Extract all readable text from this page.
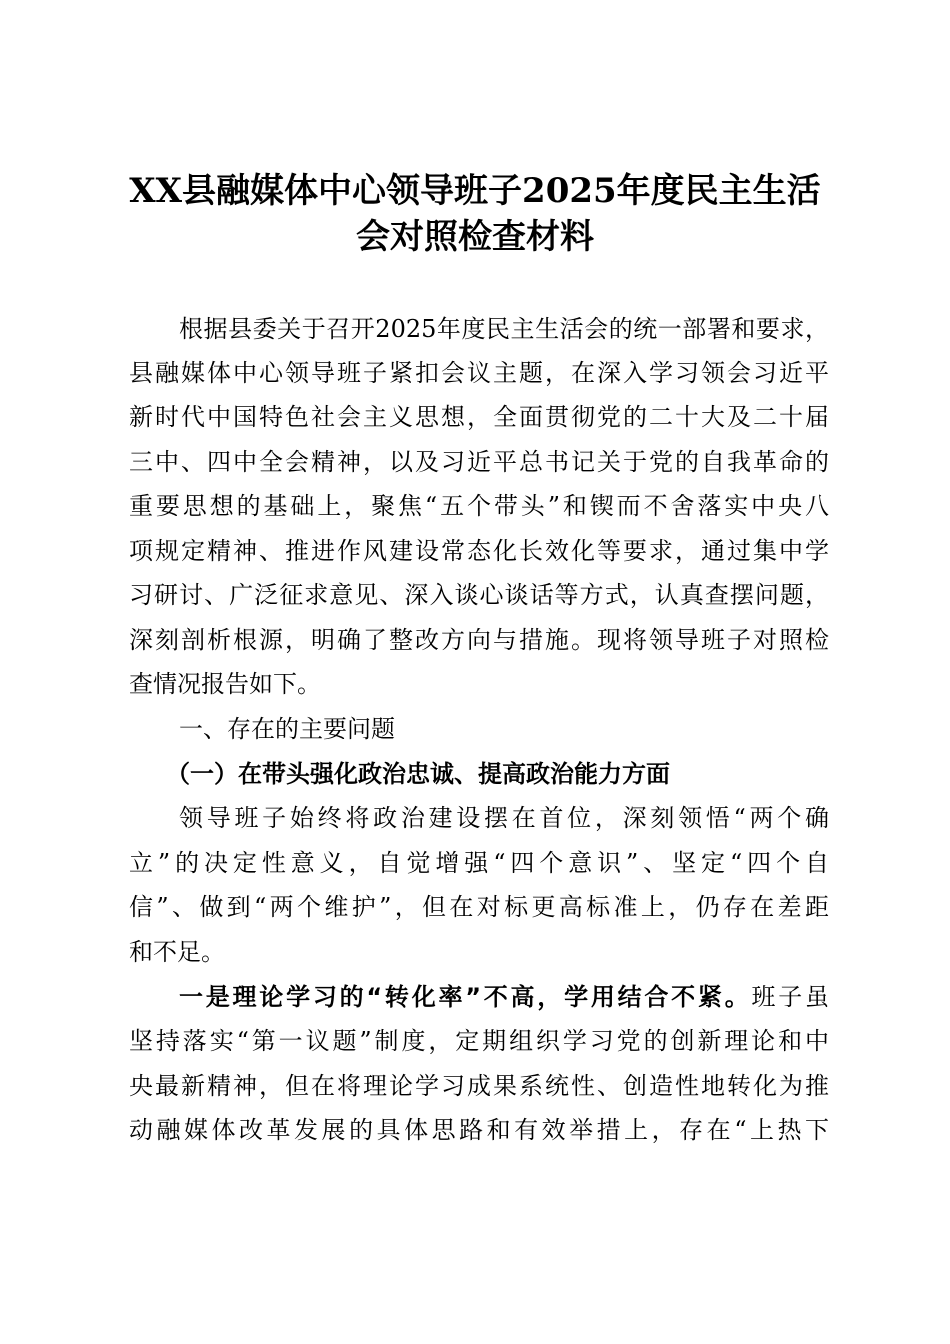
XX县融媒体中心领导班子2025年度民主生活
会对照检查材料
根据县委关于召开2025年度民主生活会的统一部署和要求，
县融媒体中心领导班子紧扣会议主题，在深入学习领会习近平
新时代中国特色社会主义思想，全面贯彻党的二十大及二十届
三中、四中全会精神，以及习近平总书记关于党的自我革命的
重要思想的基础上，聚焦“五个带头”和锲而不舍落实中央八
项规定精神、推进作风建设常态化长效化等要求，通过集中学
习研讨、广泛征求意见、深入谈心谈话等方式，认真查摆问题，
深刻剖析根源，明确了整改方向与措施。现将领导班子对照检
查情况报告如下。
一、存在的主要问题
（一）在带头强化政治忠诚、提高政治能力方面
领导班子始终将政治建设摆在首位，深刻领悟“两个确
立”的决定性意义，自觉增强“四个意识”、坚定“四个自
信”、做到“两个维护”，但在对标更高标准上，仍存在差距
和不足。
一是理论学习的“转化率”不高，学用结合不紧。班子虽
坚持落实“第一议题”制度，定期组织学习党的创新理论和中
央最新精神，但在将理论学习成果系统性、创造性地转化为推
动融媒体改革发展的具体思路和有效举措上，存在“上热下
